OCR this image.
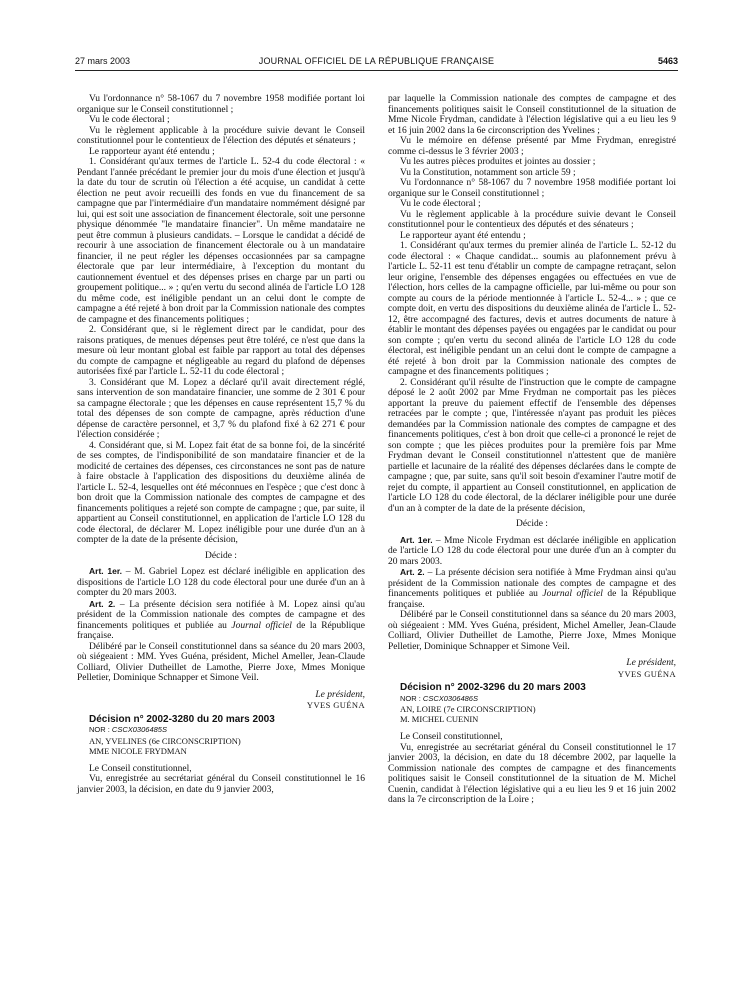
27 mars 2003	JOURNAL OFFICIEL DE LA RÉPUBLIQUE FRANÇAISE	5463

Vu l'ordonnance n° 58-1067 du 7 novembre 1958 modifiée portant loi organique sur le Conseil constitutionnel ;

Vu le code électoral ;

Vu le règlement applicable à la procédure suivie devant le Conseil constitutionnel pour le contentieux de l'élection des députés et sénateurs ;

Le rapporteur ayant été entendu ;

1. Considérant qu'aux termes de l'article L. 52-4 du code électoral : « Pendant l'année précédant le premier jour du mois d'une élection et jusqu'à la date du tour de scrutin où l'élection a été acquise, un candidat à cette élection ne peut avoir recueilli des fonds en vue du financement de sa campagne que par l'intermédiaire d'un mandataire nommément désigné par lui, qui est soit une association de financement électorale, soit une personne physique dénommée "le mandataire financier". Un même mandataire ne peut être commun à plusieurs candidats. – Lorsque le candidat a décidé de recourir à une association de financement électorale ou à un mandataire financier, il ne peut régler les dépenses occasionnées par sa campagne électorale que par leur intermédiaire, à l'exception du montant du cautionnement éventuel et des dépenses prises en charge par un parti ou groupement politique... » ; qu'en vertu du second alinéa de l'article LO 128 du même code, est inéligible pendant un an celui dont le compte de campagne a été rejeté à bon droit par la Commission nationale des comptes de campagne et des financements politiques ;

2. Considérant que, si le règlement direct par le candidat, pour des raisons pratiques, de menues dépenses peut être toléré, ce n'est que dans la mesure où leur montant global est faible par rapport au total des dépenses du compte de campagne et négligeable au regard du plafond de dépenses autorisées fixé par l'article L. 52-11 du code électoral ;

3. Considérant que M. Lopez a déclaré qu'il avait directement réglé, sans intervention de son mandataire financier, une somme de 2 301 € pour sa campagne électorale ; que les dépenses en cause représentent 15,7 % du total des dépenses de son compte de campagne, après réduction d'une dépense de caractère personnel, et 3,7 % du plafond fixé à 62 271 € pour l'élection considérée ;

4. Considérant que, si M. Lopez fait état de sa bonne foi, de la sincérité de ses comptes, de l'indisponibilité de son mandataire financier et de la modicité de certaines des dépenses, ces circonstances ne sont pas de nature à faire obstacle à l'application des dispositions du deuxième alinéa de l'article L. 52-4, lesquelles ont été méconnues en l'espèce ; que c'est donc à bon droit que la Commission nationale des comptes de campagne et des financements politiques a rejeté son compte de campagne ; que, par suite, il appartient au Conseil constitutionnel, en application de l'article LO 128 du code électoral, de déclarer M. Lopez inéligible pour une durée d'un an à compter de la date de la présente décision,

Décide :

Art. 1er. – M. Gabriel Lopez est déclaré inéligible en application des dispositions de l'article LO 128 du code électoral pour une durée d'un an à compter du 20 mars 2003.

Art. 2. – La présente décision sera notifiée à M. Lopez ainsi qu'au président de la Commission nationale des comptes de campagne et des financements politiques et publiée au Journal officiel de la République française.

Délibéré par le Conseil constitutionnel dans sa séance du 20 mars 2003, où siégeaient : MM. Yves Guéna, président, Michel Ameller, Jean-Claude Colliard, Olivier Dutheillet de Lamothe, Pierre Joxe, Mmes Monique Pelletier, Dominique Schnapper et Simone Veil.

Le président,

YVES GUÉNA

Décision n° 2002-3280 du 20 mars 2003

NOR : CSCX0306485S

AN, YVELINES (6e CIRCONSCRIPTION)

MME NICOLE FRYDMAN

Le Conseil constitutionnel,

Vu, enregistrée au secrétariat général du Conseil constitutionnel le 16 janvier 2003, la décision, en date du 9 janvier 2003,

par laquelle la Commission nationale des comptes de campagne et des financements politiques saisit le Conseil constitutionnel de la situation de Mme Nicole Frydman, candidate à l'élection législative qui a eu lieu les 9 et 16 juin 2002 dans la 6e circonscription des Yvelines ;

Vu le mémoire en défense présenté par Mme Frydman, enregistré comme ci-dessus le 3 février 2003 ;

Vu les autres pièces produites et jointes au dossier ;

Vu la Constitution, notamment son article 59 ;

Vu l'ordonnance n° 58-1067 du 7 novembre 1958 modifiée portant loi organique sur le Conseil constitutionnel ;

Vu le code électoral ;

Vu le règlement applicable à la procédure suivie devant le Conseil constitutionnel pour le contentieux des députés et des sénateurs ;

Le rapporteur ayant été entendu ;

1. Considérant qu'aux termes du premier alinéa de l'article L. 52-12 du code électoral : « Chaque candidat... soumis au plafonnement prévu à l'article L. 52-11 est tenu d'établir un compte de campagne retraçant, selon leur origine, l'ensemble des dépenses engagées ou effectuées en vue de l'élection, hors celles de la campagne officielle, par lui-même ou pour son compte au cours de la période mentionnée à l'article L. 52-4... » ; que ce compte doit, en vertu des dispositions du deuxième alinéa de l'article L. 52-12, être accompagné des factures, devis et autres documents de nature à établir le montant des dépenses payées ou engagées par le candidat ou pour son compte ; qu'en vertu du second alinéa de l'article LO 128 du code électoral, est inéligible pendant un an celui dont le compte de campagne a été rejeté à bon droit par la Commission nationale des comptes de campagne et des financements politiques ;

2. Considérant qu'il résulte de l'instruction que le compte de campagne déposé le 2 août 2002 par Mme Frydman ne comportait pas les pièces apportant la preuve du paiement effectif de l'ensemble des dépenses retracées par le compte ; que, l'intéressée n'ayant pas produit les pièces demandées par la Commission nationale des comptes de campagne et des financements politiques, c'est à bon droit que celle-ci a prononcé le rejet de son compte ; que les pièces produites pour la première fois par Mme Frydman devant le Conseil constitutionnel n'attestent que de manière partielle et lacunaire de la réalité des dépenses déclarées dans le compte de campagne ; que, par suite, sans qu'il soit besoin d'examiner l'autre motif de rejet du compte, il appartient au Conseil constitutionnel, en application de l'article LO 128 du code électoral, de la déclarer inéligible pour une durée d'un an à compter de la date de la présente décision,

Décide :

Art. 1er. – Mme Nicole Frydman est déclarée inéligible en application de l'article LO 128 du code électoral pour une durée d'un an à compter du 20 mars 2003.

Art. 2. – La présente décision sera notifiée à Mme Frydman ainsi qu'au président de la Commission nationale des comptes de campagne et des financements politiques et publiée au Journal officiel de la République française.

Délibéré par le Conseil constitutionnel dans sa séance du 20 mars 2003, où siégeaient : MM. Yves Guéna, président, Michel Ameller, Jean-Claude Colliard, Olivier Dutheillet de Lamothe, Pierre Joxe, Mmes Monique Pelletier, Dominique Schnapper et Simone Veil.

Le président,

YVES GUÉNA

Décision n° 2002-3296 du 20 mars 2003

NOR : CSCX0306486S

AN, LOIRE (7e CIRCONSCRIPTION)

M. MICHEL CUENIN

Le Conseil constitutionnel,

Vu, enregistrée au secrétariat général du Conseil constitutionnel le 17 janvier 2003, la décision, en date du 18 décembre 2002, par laquelle la Commission nationale des comptes de campagne et des financements politiques saisit le Conseil constitutionnel de la situation de M. Michel Cuenin, candidat à l'élection législative qui a eu lieu les 9 et 16 juin 2002 dans la 7e circonscription de la Loire ;
